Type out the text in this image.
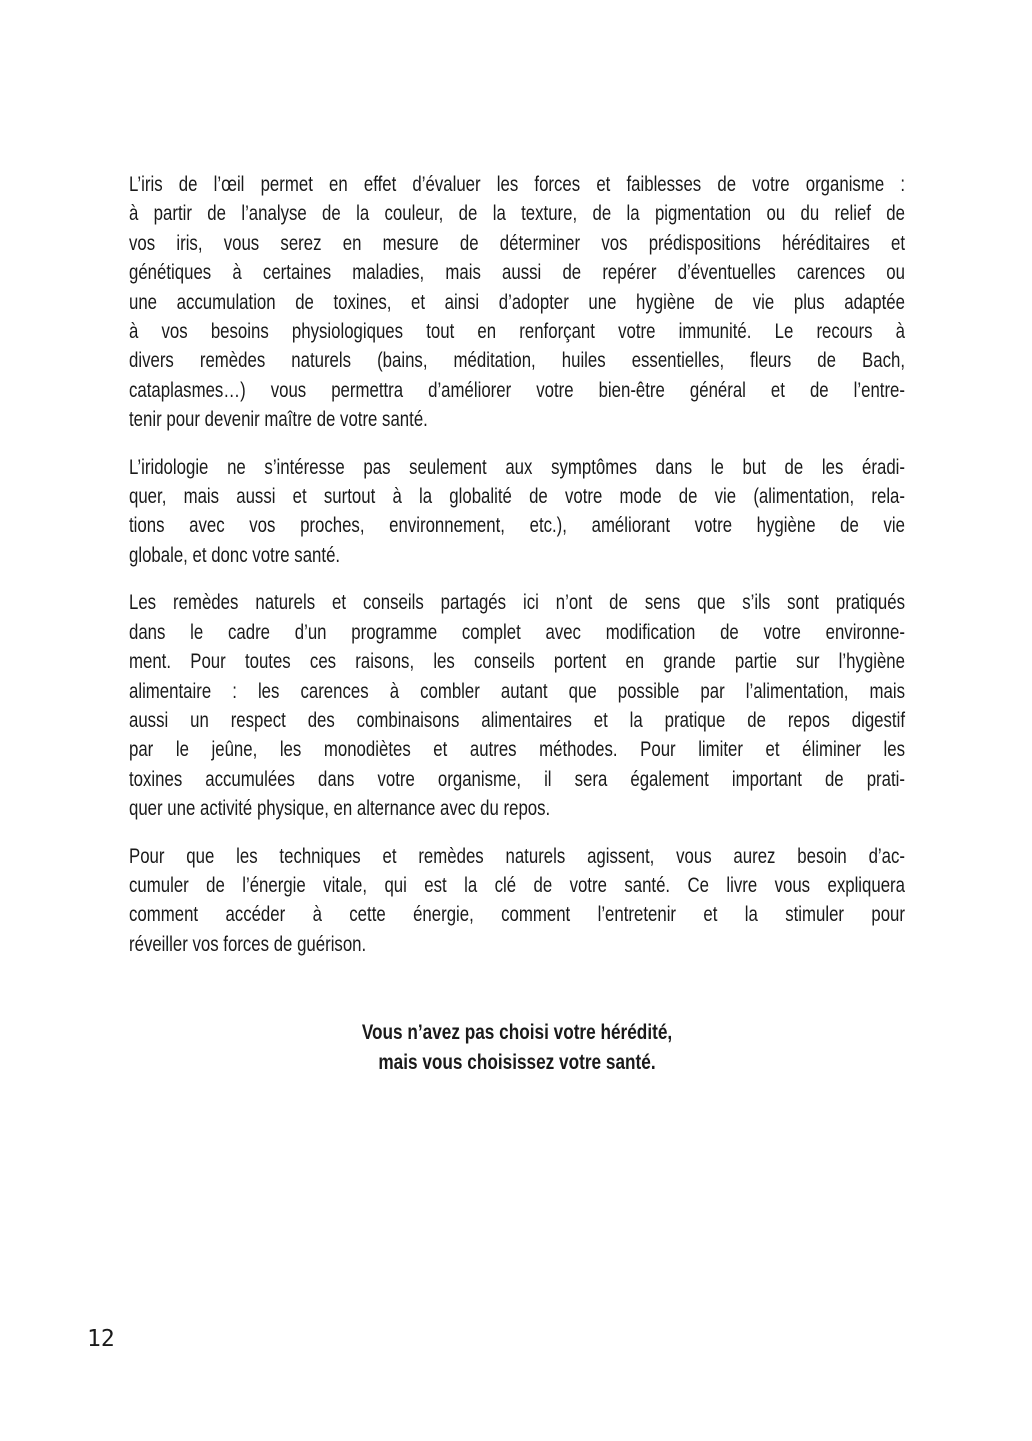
L’iris de l’œil permet en effet d’évaluer les forces et faiblesses de votre organisme :
à partir de l’analyse de la couleur, de la texture, de la pigmentation ou du relief de
vos iris, vous serez en mesure de déterminer vos prédispositions héréditaires et
génétiques à certaines maladies, mais aussi de repérer d’éventuelles carences ou
une accumulation de toxines, et ainsi d’adopter une hygiène de vie plus adaptée
à vos besoins physiologiques tout en renforçant votre immunité. Le recours à
divers remèdes naturels (bains, méditation, huiles essentielles, fleurs de Bach,
cataplasmes…) vous permettra d’améliorer votre bien-être général et de l’entre-
tenir pour devenir maître de votre santé.

L’iridologie ne s’intéresse pas seulement aux symptômes dans le but de les éradi-
quer, mais aussi et surtout à la globalité de votre mode de vie (alimentation, rela-
tions avec vos proches, environnement, etc.), améliorant votre hygiène de vie
globale, et donc votre santé.

Les remèdes naturels et conseils partagés ici n’ont de sens que s’ils sont pratiqués
dans le cadre d’un programme complet avec modification de votre environne-
ment. Pour toutes ces raisons, les conseils portent en grande partie sur l’hygiène
alimentaire : les carences à combler autant que possible par l’alimentation, mais
aussi un respect des combinaisons alimentaires et la pratique de repos digestif
par le jeûne, les monodiètes et autres méthodes. Pour limiter et éliminer les
toxines accumulées dans votre organisme, il sera également important de prati-
quer une activité physique, en alternance avec du repos.

Pour que les techniques et remèdes naturels agissent, vous aurez besoin d’ac-
cumuler de l’énergie vitale, qui est la clé de votre santé. Ce livre vous expliquera
comment accéder à cette énergie, comment l’entretenir et la stimuler pour
réveiller vos forces de guérison.

Vous n’avez pas choisi votre hérédité,
mais vous choisissez votre santé.
12
